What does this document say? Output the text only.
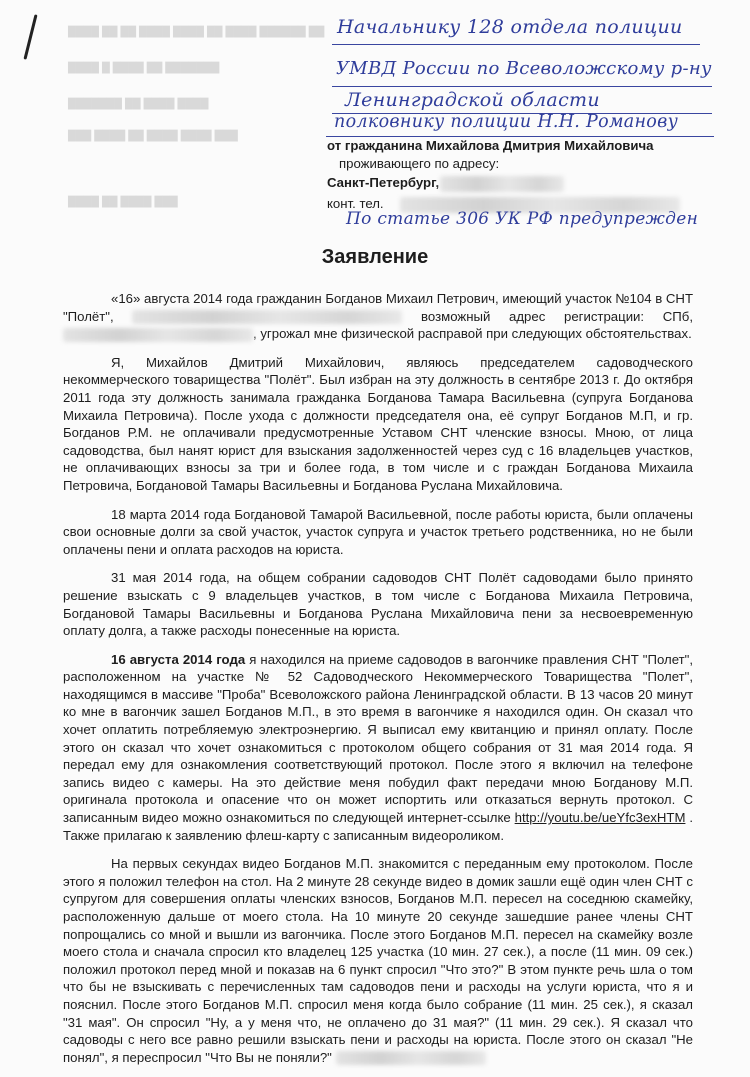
████ ██ ██ ████ ████ ██ ████ ██████ ██
████ █ ████ ██ ███████
███████ ██ ████ ████
███ ████ ██ ████ ████ ███
████ ██ ████ ███
Начальнику 128 отдела полиции
УМВД России по Всеволожскому р-ну
Ленинградской области
полковнику полиции Н.Н. Романову
от гражданина Михайлова Дмитрия Михайловича
проживающего по адресу:
Санкт-Петербург,
конт. тел.
По статье 306 УК РФ предупрежден
Заявление

«16» августа 2014 года гражданин Богданов Михаил Петрович, имеющий участок №104 в СНТ "Полёт",	возможный адрес регистрации: СПб, , угрожал мне физической расправой при следующих обстоятельствах.

Я, Михайлов Дмитрий Михайлович, являюсь председателем садоводческого некоммерческого товарищества "Полёт". Был избран на эту должность в сентябре 2013 г. До октября 2011 года эту должность занимала гражданка Богданова Тамара Васильевна (супруга Богданова Михаила Петровича). После ухода с должности председателя она, её супруг Богданов М.П, и гр. Богданов Р.М. не оплачивали предусмотренные Уставом СНТ членские взносы. Мною, от лица садоводства, был нанят юрист для взыскания задолженностей через суд с 16 владельцев участков, не оплачивающих взносы за три и более года, в том числе и с граждан Богданова Михаила Петровича, Богдановой Тамары Васильевны и Богданова Руслана Михайловича.

18 марта 2014 года Богдановой Тамарой Васильевной, после работы юриста, были оплачены свои основные долги за свой участок, участок супруга и участок третьего родственника, но не были оплачены пени и оплата расходов на юриста.

31 мая 2014 года, на общем собрании садоводов СНТ Полёт садоводами было принято решение взыскать с 9 владельцев участков, в том числе с Богданова Михаила Петровича, Богдановой Тамары Васильевны и Богданова Руслана Михайловича пени за несвоевременную оплату долга, а также расходы понесенные на юриста.

16 августа 2014 года я находился на приеме садоводов в вагончике правления СНТ "Полет", расположенном на участке № 52 Садоводческого Некоммерческого Товарищества "Полет", находящимся в массиве "Проба" Всеволожского района Ленинградской области. В 13 часов 20 минут ко мне в вагончик зашел Богданов М.П., в это время в вагончике я находился один. Он сказал что хочет оплатить потребляемую электроэнергию. Я выписал ему квитанцию и принял оплату. После этого он сказал что хочет ознакомиться с протоколом общего собрания от 31 мая 2014 года. Я передал ему для ознакомления соответствующий протокол. После этого я включил на телефоне запись видео с камеры. На это действие меня побудил факт передачи мною Богданову М.П. оригинала протокола и опасение что он может испортить или отказаться вернуть протокол. С записанным видео можно ознакомиться по следующей интернет-ссылке http://youtu.be/ueYfc3exHTM . Также прилагаю к заявлению флеш-карту с записанным видеороликом.

На первых секундах видео Богданов М.П. знакомится с переданным ему протоколом. После этого я положил телефон на стол. На 2 минуте 28 секунде видео в домик зашли ещё один член СНТ с супругом для совершения оплаты членских взносов, Богданов М.П. пересел на соседнюю скамейку, расположенную дальше от моего стола. На 10 минуте 20 секунде зашедшие ранее члены СНТ попрощались со мной и вышли из вагончика. После этого Богданов М.П. пересел на скамейку возле моего стола и сначала спросил кто владелец 125 участка (10 мин. 27 сек.), а после (11 мин. 09 сек.) положил протокол перед мной и показав на 6 пункт спросил "Что это?" В этом пункте речь шла о том что бы не взыскивать с перечисленных там садоводов пени и расходы на услуги юриста, что я и пояснил. После этого Богданов М.П. спросил меня когда было собрание (11 мин. 25 сек.), я сказал "31 мая". Он спросил "Ну, а у меня что, не оплачено до 31 мая?" (11 мин. 29 сек.). Я сказал что садоводы с него все равно решили взыскать пени и расходы на юриста. После этого он сказал "Не понял", я переспросил "Что Вы не поняли?"
